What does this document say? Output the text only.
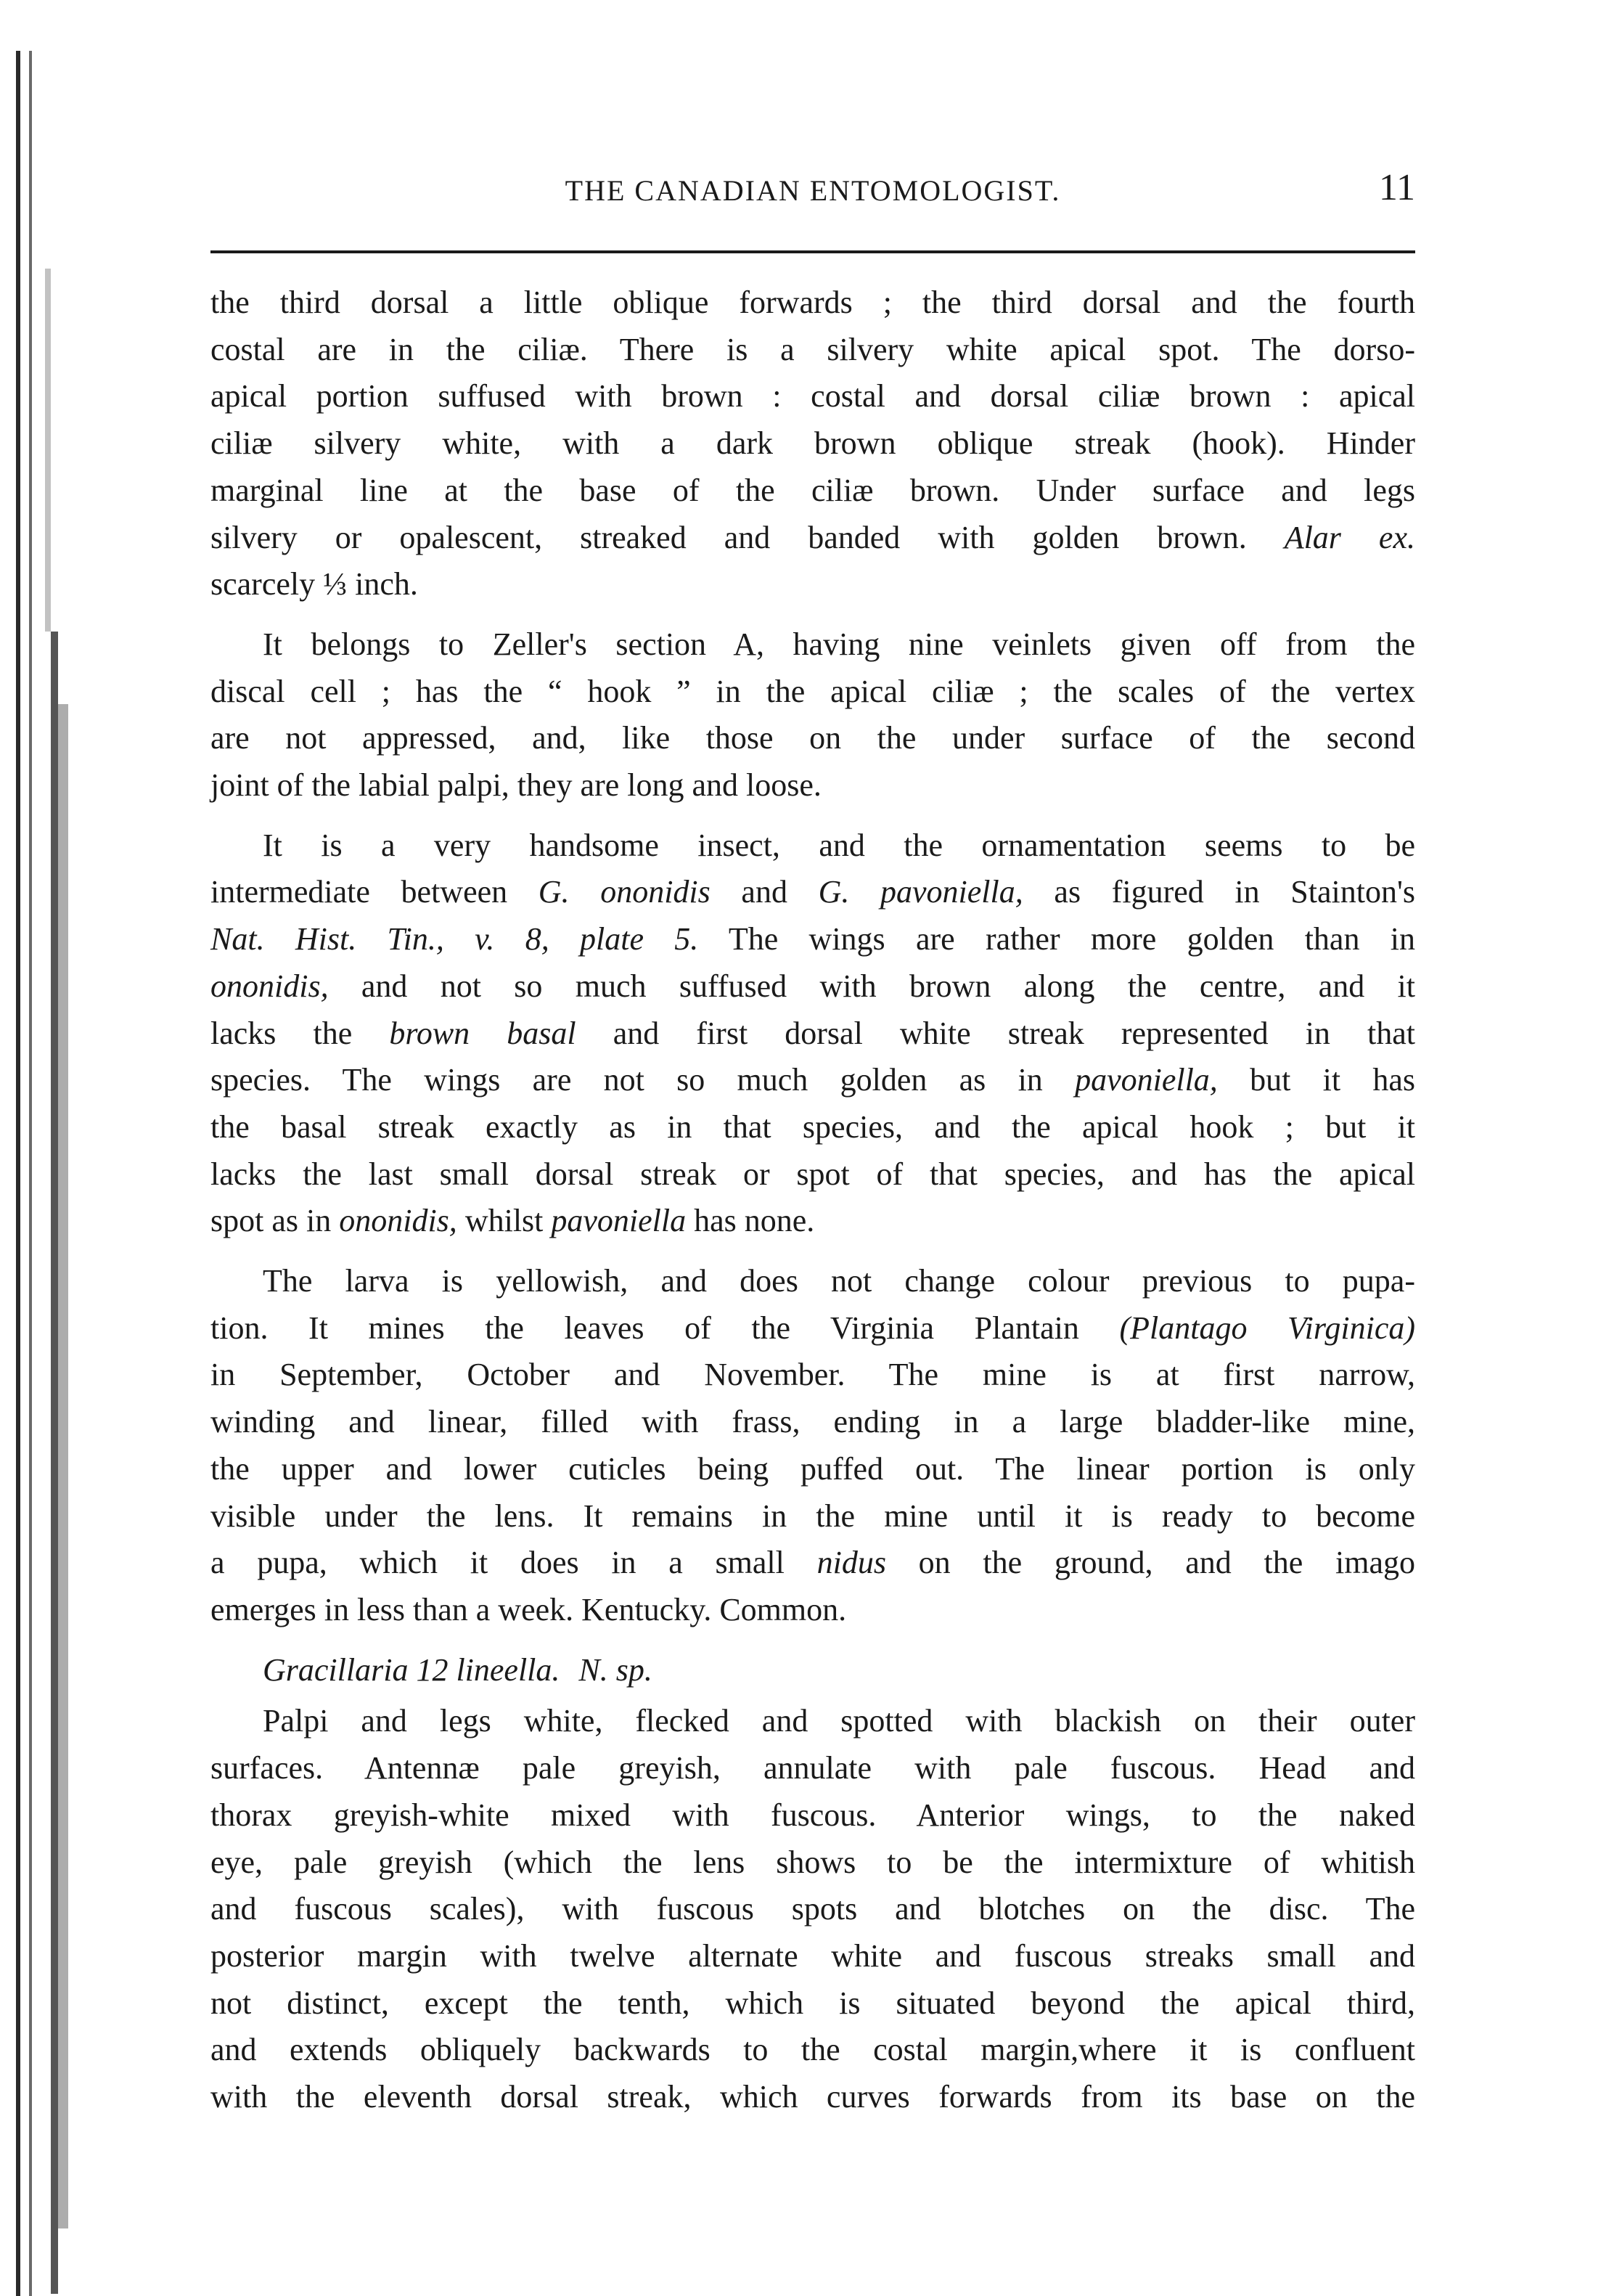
THE CANADIAN ENTOMOLOGIST.	11

the third dorsal a little oblique forwards ; the third dorsal and the fourth
costal are in the ciliæ. There is a silvery white apical spot. The dorso-
apical portion suffused with brown : costal and dorsal ciliæ brown : apical
ciliæ silvery white, with a dark brown oblique streak (hook). Hinder
marginal line at the base of the ciliæ brown. Under surface and legs
silvery or opalescent, streaked and banded with golden brown. Alar ex.
scarcely ⅓ inch.

It belongs to Zeller's section A, having nine veinlets given off from the
discal cell ; has the “ hook ” in the apical ciliæ ; the scales of the vertex
are not appressed, and, like those on the under surface of the second
joint of the labial palpi, they are long and loose.

It is a very handsome insect, and the ornamentation seems to be
intermediate between G. ononidis and G. pavoniella, as figured in Stainton's
Nat. Hist. Tin., v. 8, plate 5. The wings are rather more golden than in
ononidis, and not so much suffused with brown along the centre, and it
lacks the brown basal and first dorsal white streak represented in that
species. The wings are not so much golden as in pavoniella, but it has
the basal streak exactly as in that species, and the apical hook ; but it
lacks the last small dorsal streak or spot of that species, and has the apical
spot as in ononidis, whilst pavoniella has none.

The larva is yellowish, and does not change colour previous to pupa-
tion. It mines the leaves of the Virginia Plantain (Plantago Virginica)
in September, October and November. The mine is at first narrow,
winding and linear, filled with frass, ending in a large bladder-like mine,
the upper and lower cuticles being puffed out. The linear portion is only
visible under the lens. It remains in the mine until it is ready to become
a pupa, which it does in a small nidus on the ground, and the imago
emerges in less than a week. Kentucky. Common.

Gracillaria 12 lineella. N. sp.

Palpi and legs white, flecked and spotted with blackish on their outer
surfaces. Antennæ pale greyish, annulate with pale fuscous. Head and
thorax greyish-white mixed with fuscous. Anterior wings, to the naked
eye, pale greyish (which the lens shows to be the intermixture of whitish
and fuscous scales), with fuscous spots and blotches on the disc. The
posterior margin with twelve alternate white and fuscous streaks small and
not distinct, except the tenth, which is situated beyond the apical third,
and extends obliquely backwards to the costal margin,where it is confluent
with the eleventh dorsal streak, which curves forwards from its base on the
